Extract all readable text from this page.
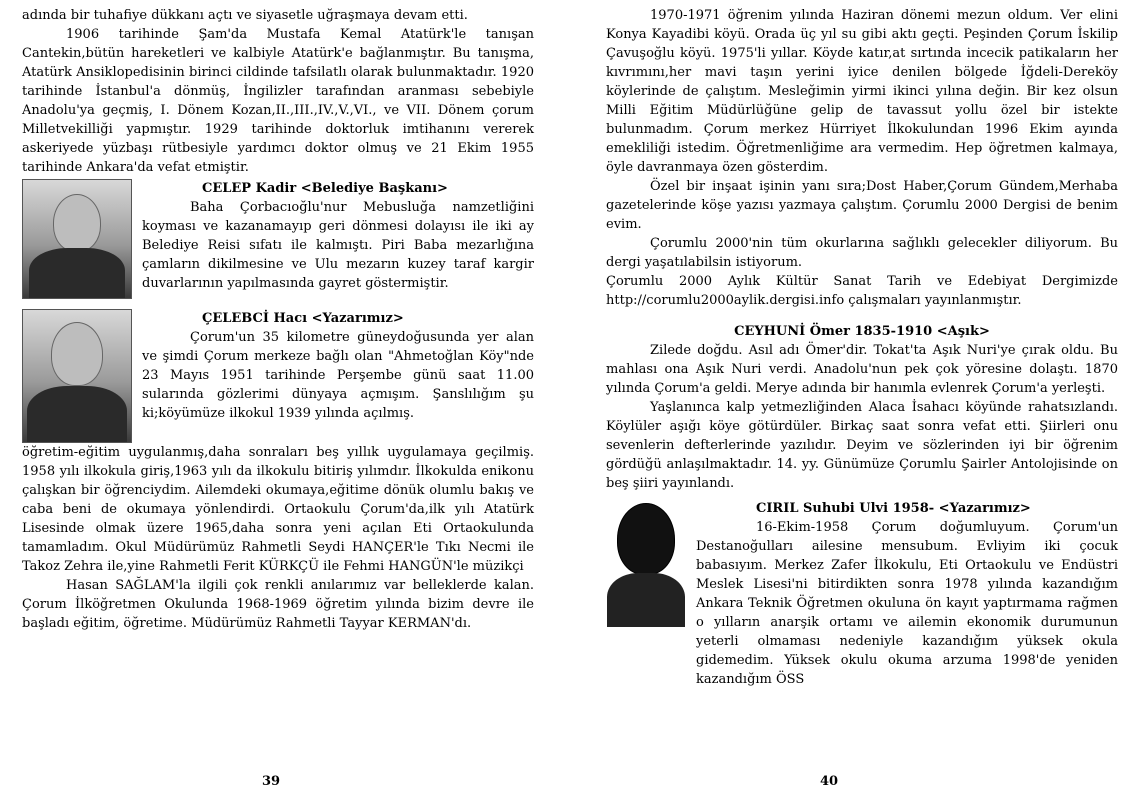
adında bir tuhafiye dükkanı açtı ve siyasetle uğraşmaya devam etti.

1906 tarihinde Şam'da Mustafa Kemal Atatürk'le tanışan Cantekin,bütün hareketleri ve kalbiyle Atatürk'e bağlanmıştır. Bu tanışma, Atatürk Ansiklopedisinin birinci cildinde tafsilatlı olarak bulunmaktadır. 1920 tarihinde İstanbul'a dönmüş, İngilizler tarafından aranması sebebiyle Anadolu'ya geçmiş, I. Dönem Kozan,II.,III.,IV.,V.,VI., ve VII. Dönem çorum Milletvekilliği yapmıştır. 1929 tarihinde doktorluk imtihanını vererek askeriyede yüzbaşı rütbesiyle yardımcı doktor olmuş ve 21 Ekim 1955 tarihinde Ankara'da vefat etmiştir.

CELEP Kadir <Belediye Başkanı>

Baha Çorbacıoğlu'nur Mebusluğa namzetliğini koyması ve kazanamayıp geri dönmesi dolayısı ile iki ay Belediye Reisi sıfatı ile kalmıştı. Piri Baba mezarlığına çamların dikilmesine ve Ulu mezarın kuzey taraf kargir duvarlarının yapılmasında gayret göstermiştir.

ÇELEBCİ Hacı <Yazarımız>

Çorum'un 35 kilometre güneydoğusunda yer alan ve şimdi Çorum merkeze bağlı olan "Ahmetoğlan Köy"nde 23 Mayıs 1951 tarihinde Perşembe günü saat 11.00 sularında gözlerimi dünyaya açmışım. Şanslılığım şu ki;köyümüze ilkokul 1939 yılında açılmış.

öğretim-eğitim uygulanmış,daha sonraları beş yıllık uygulamaya geçilmiş. 1958 yılı ilkokula giriş,1963 yılı da ilkokulu bitiriş yılımdır. İlkokulda enikonu çalışkan bir öğrenciydim. Ailemdeki okumaya,eğitime dönük olumlu bakış ve caba beni de okumaya yönlendirdi. Ortaokulu Çorum'da,ilk yılı Atatürk Lisesinde olmak üzere 1965,daha sonra yeni açılan Eti Ortaokulunda tamamladım. Okul Müdürümüz Rahmetli Seydi HANÇER'le Tıkı Necmi ile Takoz Zehra ile,yine Rahmetli Ferit KÜRKÇÜ ile Fehmi HANGÜN'le müzikçi

Hasan SAĞLAM'la ilgili çok renkli anılarımız var belleklerde kalan. Çorum İlköğretmen Okulunda 1968-1969 öğretim yılında bizim devre ile başladı eğitim, öğretime. Müdürümüz Rahmetli Tayyar KERMAN'dı.

39

1970-1971 öğrenim yılında Haziran dönemi mezun oldum. Ver elini Konya Kayadibi köyü. Orada üç yıl su gibi aktı geçti. Peşinden Çorum İskilip Çavuşoğlu köyü. 1975'li yıllar. Köyde katır,at sırtında incecik patikaların her kıvrımını,her mavi taşın yerini iyice denilen bölgede İğdeli-Dereköy köylerinde de çalıştım. Mesleğimin yirmi ikinci yılına değin. Bir kez olsun Milli Eğitim Müdürlüğüne gelip de tavassut yollu özel bir istekte bulunmadım. Çorum merkez Hürriyet İlkokulundan 1996 Ekim ayında emekliliği istedim. Öğretmenliğime ara vermedim. Hep öğretmen kalmaya, öyle davranmaya özen gösterdim.

Özel bir inşaat işinin yanı sıra;Dost Haber,Çorum Gündem,Merhaba gazetelerinde köşe yazısı yazmaya çalıştım. Çorumlu 2000 Dergisi de benim evim.

Çorumlu 2000'nin tüm okurlarına sağlıklı gelecekler diliyorum. Bu dergi yaşatılabilsin istiyorum.

Çorumlu 2000 Aylık Kültür Sanat Tarih ve Edebiyat Dergimizde http://corumlu2000aylik.dergisi.info çalışmaları yayınlanmıştır.

CEYHUNİ Ömer 1835-1910 <Aşık>

Zilede doğdu. Asıl adı Ömer'dir. Tokat'ta Aşık Nuri'ye çırak oldu. Bu mahlası ona Aşık Nuri verdi. Anadolu'nun pek çok yöresine dolaştı. 1870 yılında Çorum'a geldi. Merye adında bir hanımla evlenrek Çorum'a yerleşti.

Yaşlanınca kalp yetmezliğinden Alaca İsahacı köyünde rahatsızlandı. Köylüler aşığı köye götürdüler. Birkaç saat sonra vefat etti. Şiirleri onu sevenlerin defterlerinde yazılıdır. Deyim ve sözlerinden iyi bir öğrenim gördüğü anlaşılmaktadır. 14. yy. Günümüze Çorumlu Şairler Antolojisinde on beş şiiri yayınlandı.

CIRIL Suhubi Ulvi 1958- <Yazarımız>

16-Ekim-1958 Çorum doğumluyum. Çorum'un Destanoğulları ailesine mensubum. Evliyim iki çocuk babasıyım. Merkez Zafer İlkokulu, Eti Ortaokulu ve Endüstri Meslek Lisesi'ni bitirdikten sonra 1978 yılında kazandığım Ankara Teknik Öğretmen okuluna ön kayıt yaptırmama rağmen o yılların anarşik ortamı ve ailemin ekonomik durumunun yeterli olmaması nedeniyle kazandığım yüksek okula gidemedim. Yüksek okulu okuma arzuma 1998'de yeniden kazandığım ÖSS

40
